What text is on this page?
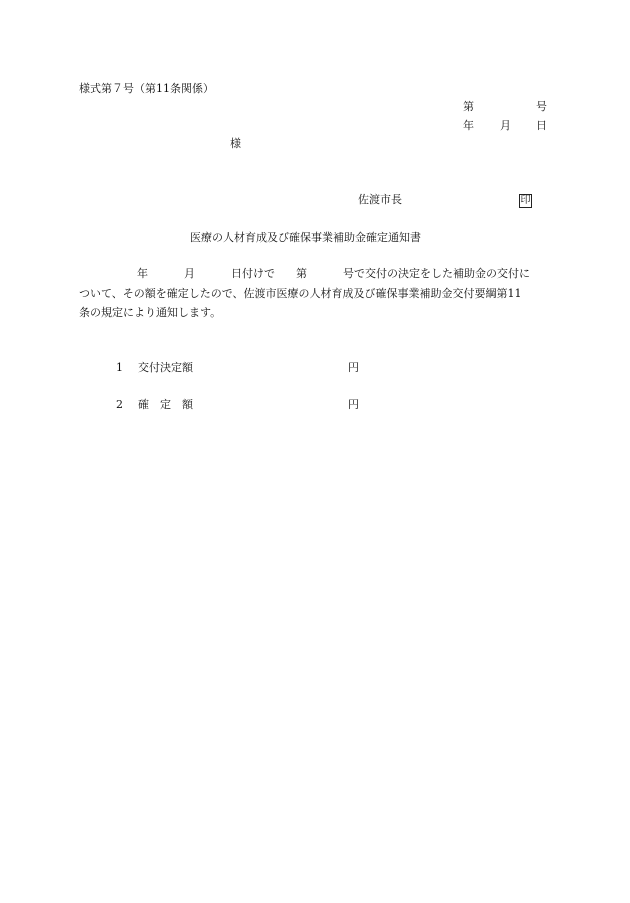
様式第７号（第11条関係）
第	号
年 月 日
様
佐渡市長	印
医療の人材育成及び確保事業補助金確定通知書
年	月	日付けで 第	号で交付の決定をした補助金の交付に
ついて、その額を確定したので、佐渡市医療の人材育成及び確保事業補助金交付要綱第11
条の規定により通知します。
1 交付決定額	円
2 確　定　額	円
